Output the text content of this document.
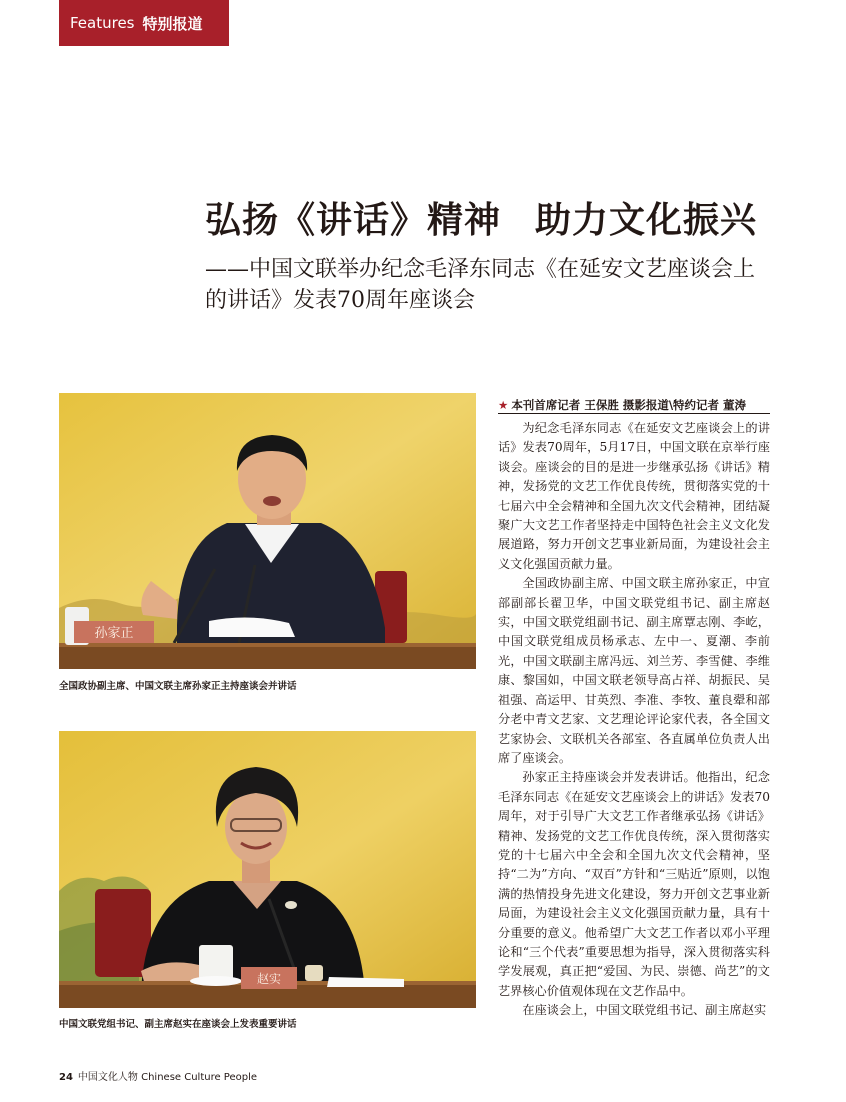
Features 特别报道
弘扬《讲话》精神 助力文化振兴
——中国文联举办纪念毛泽东同志《在延安文艺座谈会上的讲话》发表70周年座谈会
孙家正
全国政协副主席、中国文联主席孙家正主持座谈会并讲话
赵实
中国文联党组书记、副主席赵实在座谈会上发表重要讲话
★ 本刊首席记者 王保胜 摄影报道\特约记者 董涛

为纪念毛泽东同志《在延安文艺座谈会上的讲话》发表70周年，5月17日，中国文联在京举行座谈会。座谈会的目的是进一步继承弘扬《讲话》精神，发扬党的文艺工作优良传统，贯彻落实党的十七届六中全会精神和全国九次文代会精神，团结凝聚广大文艺工作者坚持走中国特色社会主义文化发展道路，努力开创文艺事业新局面，为建设社会主义文化强国贡献力量。

全国政协副主席、中国文联主席孙家正，中宣部副部长翟卫华，中国文联党组书记、副主席赵实，中国文联党组副书记、副主席覃志刚、李屹，中国文联党组成员杨承志、左中一、夏潮、李前光，中国文联副主席冯远、刘兰芳、李雪健、李维康、黎国如，中国文联老领导高占祥、胡振民、吴祖强、高运甲、甘英烈、李准、李牧、董良翚和部分老中青文艺家、文艺理论评论家代表，各全国文艺家协会、文联机关各部室、各直属单位负责人出席了座谈会。

孙家正主持座谈会并发表讲话。他指出，纪念毛泽东同志《在延安文艺座谈会上的讲话》发表70周年，对于引导广大文艺工作者继承弘扬《讲话》精神、发扬党的文艺工作优良传统，深入贯彻落实党的十七届六中全会和全国九次文代会精神，坚持“二为”方向、“双百”方针和“三贴近”原则，以饱满的热情投身先进文化建设，努力开创文艺事业新局面，为建设社会主义文化强国贡献力量，具有十分重要的意义。他希望广大文艺工作者以邓小平理论和“三个代表”重要思想为指导，深入贯彻落实科学发展观，真正把“爱国、为民、崇德、尚艺”的文艺界核心价值观体现在文艺作品中。

在座谈会上，中国文联党组书记、副主席赵实

24 中国文化人物 Chinese Culture People
